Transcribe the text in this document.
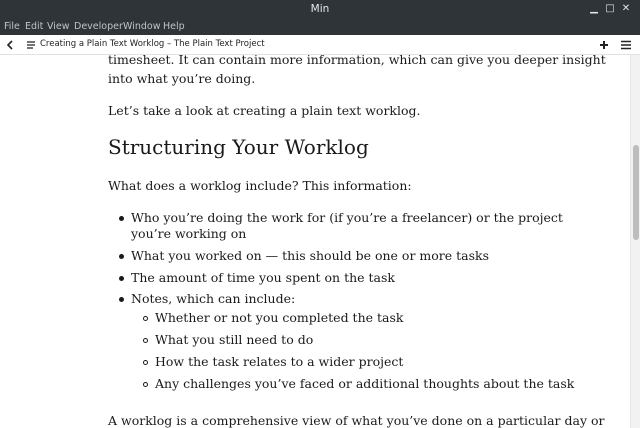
Min	▁ □ ✕
File Edit View Developer Window Help
Creating a Plain Text Worklog – The Plain Text Project
timesheet. It can contain more information, which can give you deeper insight
into what you’re doing.
Let’s take a look at creating a plain text worklog.
Structuring Your Worklog
What does a worklog include? This information:
Who you’re doing the work for (if you’re a freelancer) or the project
you’re working on
What you worked on — this should be one or more tasks
The amount of time you spent on the task
Notes, which can include:
Whether or not you completed the task
What you still need to do
How the task relates to a wider project
Any challenges you’ve faced or additional thoughts about the task
A worklog is a comprehensive view of what you’ve done on a particular day or
